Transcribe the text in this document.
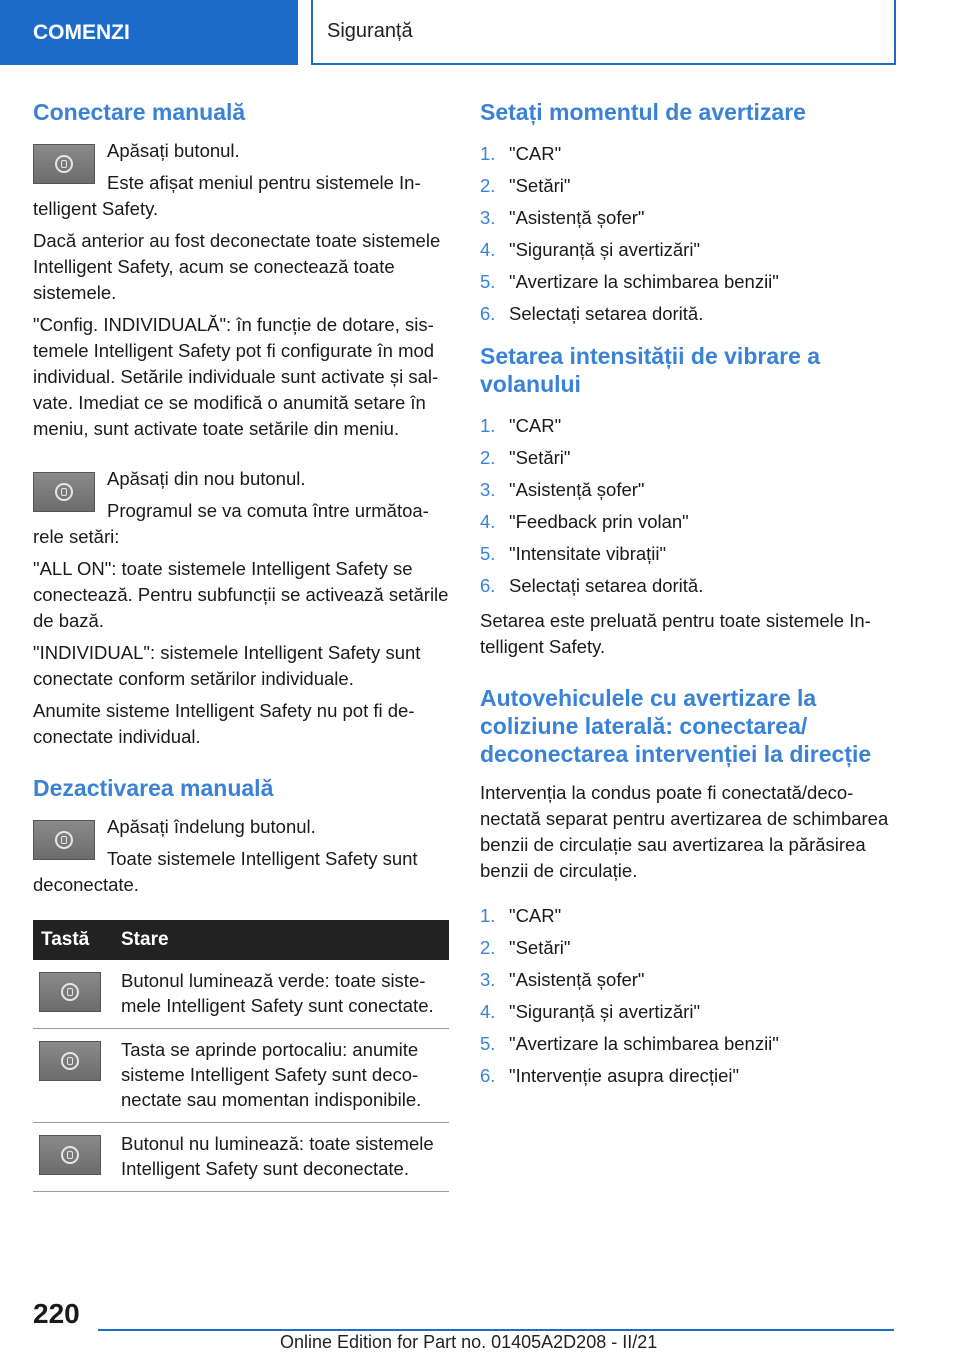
COMENZI	Siguranță
Conectare manuală

Apăsați butonul.

Este afișat meniul pentru sistemele Intelligent Safety.

Dacă anterior au fost deconectate toate sistemele Intelligent Safety, acum se conectează toate sistemele.

"Config. INDIVIDUALĂ": în funcție de dotare, sistemele Intelligent Safety pot fi configurate în mod individual. Setările individuale sunt activate și salvate. Imediat ce se modifică o anumită setare în meniu, sunt activate toate setările din meniu.

Apăsați din nou butonul.

Programul se va comuta între următoarele setări:

"ALL ON": toate sistemele Intelligent Safety se conectează. Pentru subfuncții se activează setările de bază.

"INDIVIDUAL": sistemele Intelligent Safety sunt conectate conform setărilor individuale.

Anumite sisteme Intelligent Safety nu pot fi deconectate individual.

Dezactivarea manuală

Apăsați îndelung butonul.

Toate sistemele Intelligent Safety sunt deconectate.

Tastă	Stare

	Butonul luminează verde: toate sistemele Intelligent Safety sunt conectate.

	Tasta se aprinde portocaliu: anumite sisteme Intelligent Safety sunt deconectate sau momentan indisponibile.

	Butonul nu luminează: toate sistemele Intelligent Safety sunt deconectate.
Setați momentul de avertizare
1. "CAR"
2. "Setări"
3. "Asistență șofer"
4. "Siguranță și avertizări"
5. "Avertizare la schimbarea benzii"
6. Selectați setarea dorită.
Setarea intensității de vibrare a volanului
1. "CAR"
2. "Setări"
3. "Asistență șofer"
4. "Feedback prin volan"
5. "Intensitate vibrații"
6. Selectați setarea dorită.

Setarea este preluată pentru toate sistemele Intelligent Safety.

Autovehiculele cu avertizare la coliziune laterală: conectarea/ deconectarea intervenției la direcție

Intervenția la condus poate fi conectată/deconectată separat pentru avertizarea de schimbarea benzii de circulație sau avertizarea la părăsirea benzii de circulație.

1. "CAR"
2. "Setări"
3. "Asistență șofer"
4. "Siguranță și avertizări"
5. "Avertizare la schimbarea benzii"
6. "Intervenție asupra direcției"
220
Online Edition for Part no. 01405A2D208 - II/21
